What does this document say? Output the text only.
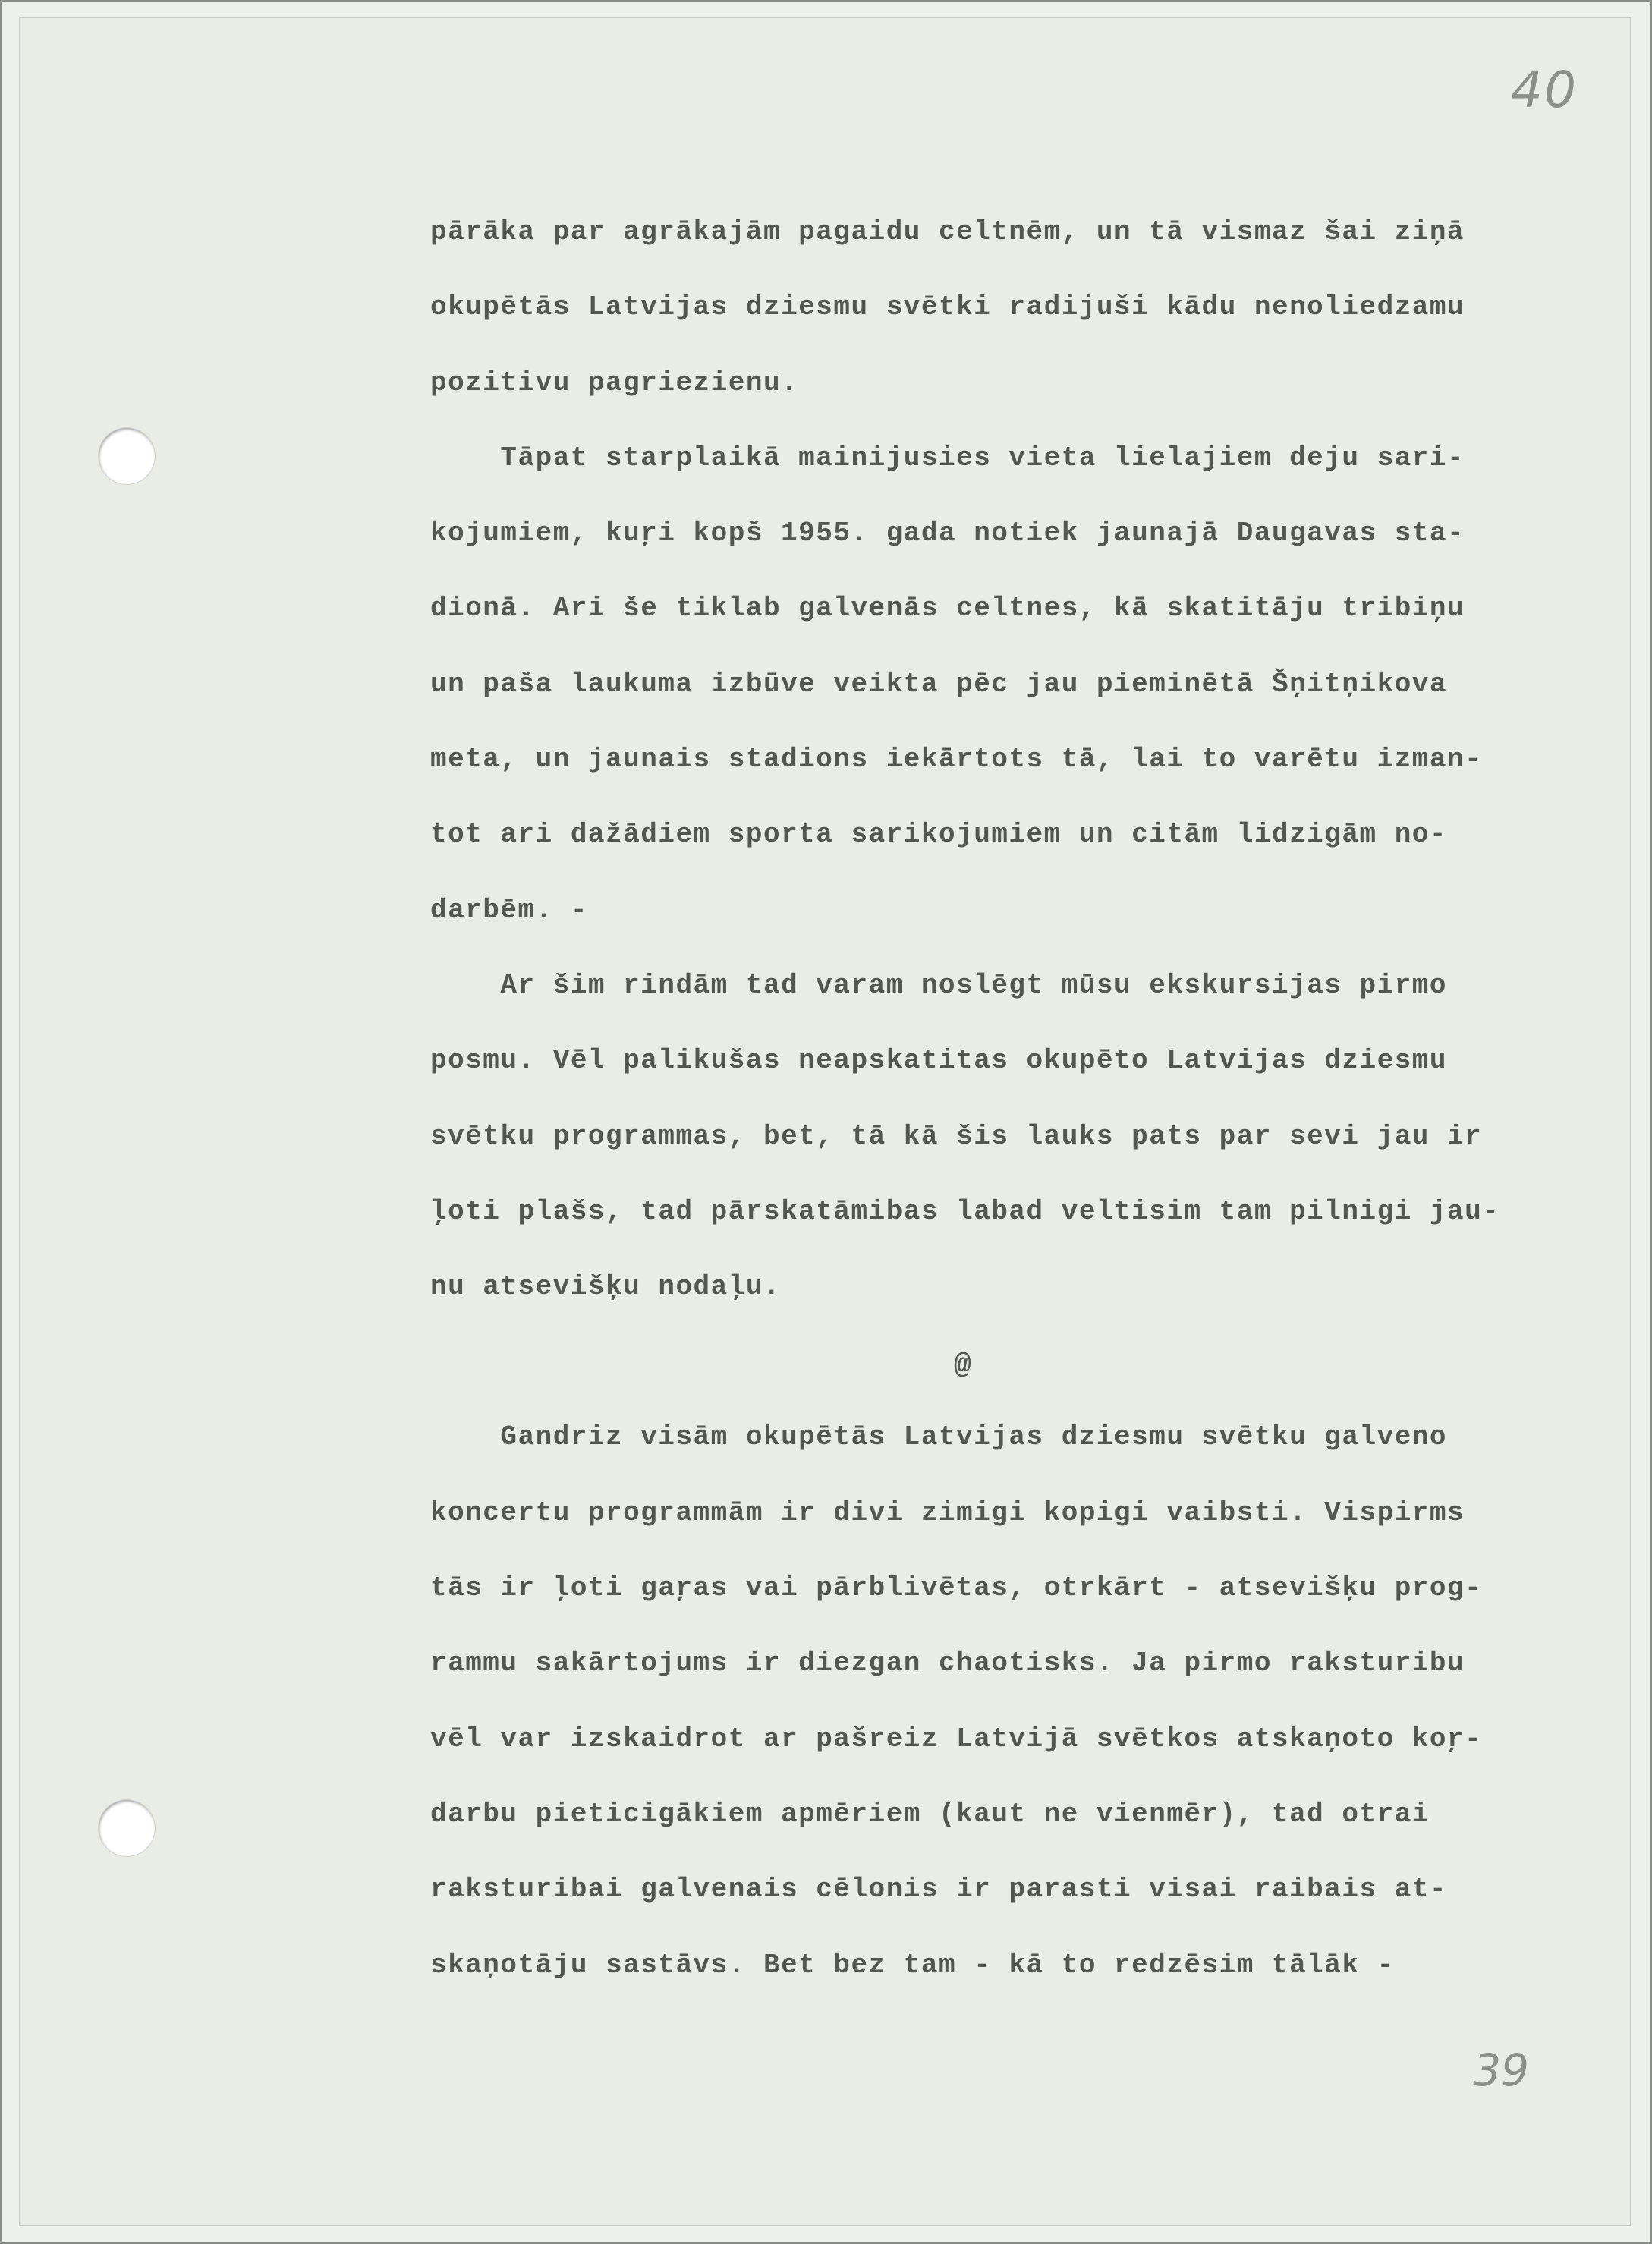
40
39
pārāka par agrākajām pagaidu celtnēm, un tā vismaz šai ziņā
okupētās Latvijas dziesmu svētki radijuši kādu nenoliedzamu
pozitivu pagriezienu.
Tāpat starplaikā mainijusies vieta lielajiem deju sari-
kojumiem, kuŗi kopš 1955. gada notiek jaunajā Daugavas sta-
dionā. Ari še tiklab galvenās celtnes, kā skatitāju tribiņu
un paša laukuma izbūve veikta pēc jau pieminētā Šņitņikova
meta, un jaunais stadions iekārtots tā, lai to varētu izman-
tot ari dažādiem sporta sarikojumiem un citām lidzigām no-
darbēm. -
Ar šim rindām tad varam noslēgt mūsu ekskursijas pirmo
posmu. Vēl palikušas neapskatitas okupēto Latvijas dziesmu
svētku programmas, bet, tā kā šis lauks pats par sevi jau ir
ļoti plašs, tad pārskatāmibas labad veltisim tam pilnigi jau-
nu atsevišķu nodaļu.
@
Gandriz visām okupētās Latvijas dziesmu svētku galveno
koncertu programmām ir divi zimigi kopigi vaibsti. Vispirms
tās ir ļoti gaŗas vai pārblivētas, otrkārt - atsevišķu prog-
rammu sakārtojums ir diezgan chaotisks. Ja pirmo raksturibu
vēl var izskaidrot ar pašreiz Latvijā svētkos atskaņoto koŗ-
darbu pieticigākiem apmēriem (kaut ne vienmēr), tad otrai
raksturibai galvenais cēlonis ir parasti visai raibais at-
skaņotāju sastāvs. Bet bez tam - kā to redzēsim tālāk -
